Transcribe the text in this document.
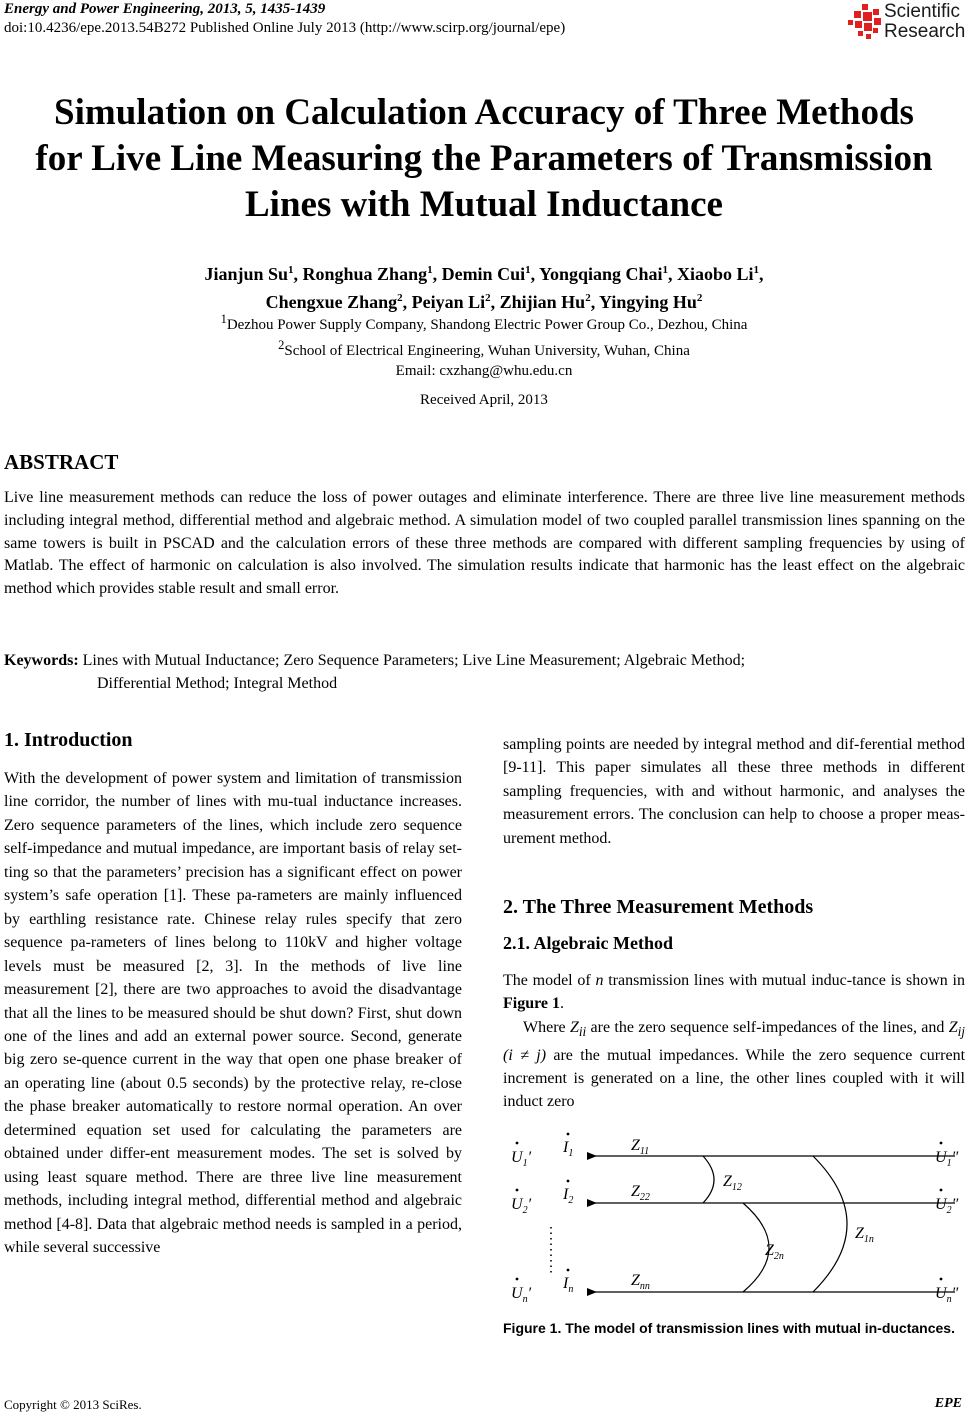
Energy and Power Engineering, 2013, 5, 1435-1439
doi:10.4236/epe.2013.54B272 Published Online July 2013 (http://www.scirp.org/journal/epe)
Scientific
Research
Simulation on Calculation Accuracy of Three Methods
for Live Line Measuring the Parameters of Transmission
Lines with Mutual Inductance
Jianjun Su$^1$, Ronghua Zhang$^1$, Demin Cui$^1$, Yongqiang Chai$^1$, Xiaobo Li$^1$,
Chengxue Zhang$^2$, Peiyan Li$^2$, Zhijian Hu$^2$, Yingying Hu$^2$
$^1$Dezhou Power Supply Company, Shandong Electric Power Group Co., Dezhou, China
$^2$School of Electrical Engineering, Wuhan University, Wuhan, China
Email: cxzhang@whu.edu.cn
Received April, 2013
ABSTRACT
Live line measurement methods can reduce the loss of power outages and eliminate interference. There are three live line measurement methods including integral method, differential method and algebraic method. A simulation model of two coupled parallel transmission lines spanning on the same towers is built in PSCAD and the calculation errors of these three methods are compared with different sampling frequencies by using of Matlab. The effect of harmonic on calculation is also involved. The simulation results indicate that harmonic has the least effect on the algebraic method which provides stable result and small error.
Keywords: Lines with Mutual Inductance; Zero Sequence Parameters; Live Line Measurement; Algebraic Method;
Differential Method; Integral Method
1. Introduction
With the development of power system and limitation of transmission line corridor, the number of lines with mu-tual inductance increases. Zero sequence parameters of the lines, which include zero sequence self-impedance and mutual impedance, are important basis of relay set-ting so that the parameters’ precision has a significant effect on power system’s safe operation [1]. These pa-rameters are mainly influenced by earthling resistance rate. Chinese relay rules specify that zero sequence pa-rameters of lines belong to 110kV and higher voltage levels must be measured [2, 3]. In the methods of live line measurement [2], there are two approaches to avoid the disadvantage that all the lines to be measured should be shut down? First, shut down one of the lines and add an external power source. Second, generate big zero se-quence current in the way that open one phase breaker of an operating line (about 0.5 seconds) by the protective relay, re-close the phase breaker automatically to restore normal operation. An over determined equation set used for calculating the parameters are obtained under differ-ent measurement modes. The set is solved by using least square method. There are three live line measurement methods, including integral method, differential method and algebraic method [4-8]. Data that algebraic method needs is sampled in a period, while several successive
sampling points are needed by integral method and dif-ferential method [9-11]. This paper simulates all these three methods in different sampling frequencies, with and without harmonic, and analyses the measurement errors. The conclusion can help to choose a proper meas-urement method.
2. The Three Measurement Methods
2.1. Algebraic Method
The model of n transmission lines with mutual induc-tance is shown in Figure 1.
Where $Z_{ii}$ are the zero sequence self-impedances of the lines, and $Z_{ij}$ (i ≠ j) are the mutual impedances. While the zero sequence current increment is generated on a line, the other lines coupled with it will induct zero
$U_1'$
$U_2'$
$U_n'$
$U_1''$
$U_2''$
$U_n''$
$I_1$
$I_2$
$I_n$
$Z_{11}$
$Z_{22}$
$Z_{nn}$
$Z_{12}$
$Z_{2n}$
$Z_{1n}$
Figure 1. The model of transmission lines with mutual in-ductances.
Copyright © 2013 SciRes.	EPE
